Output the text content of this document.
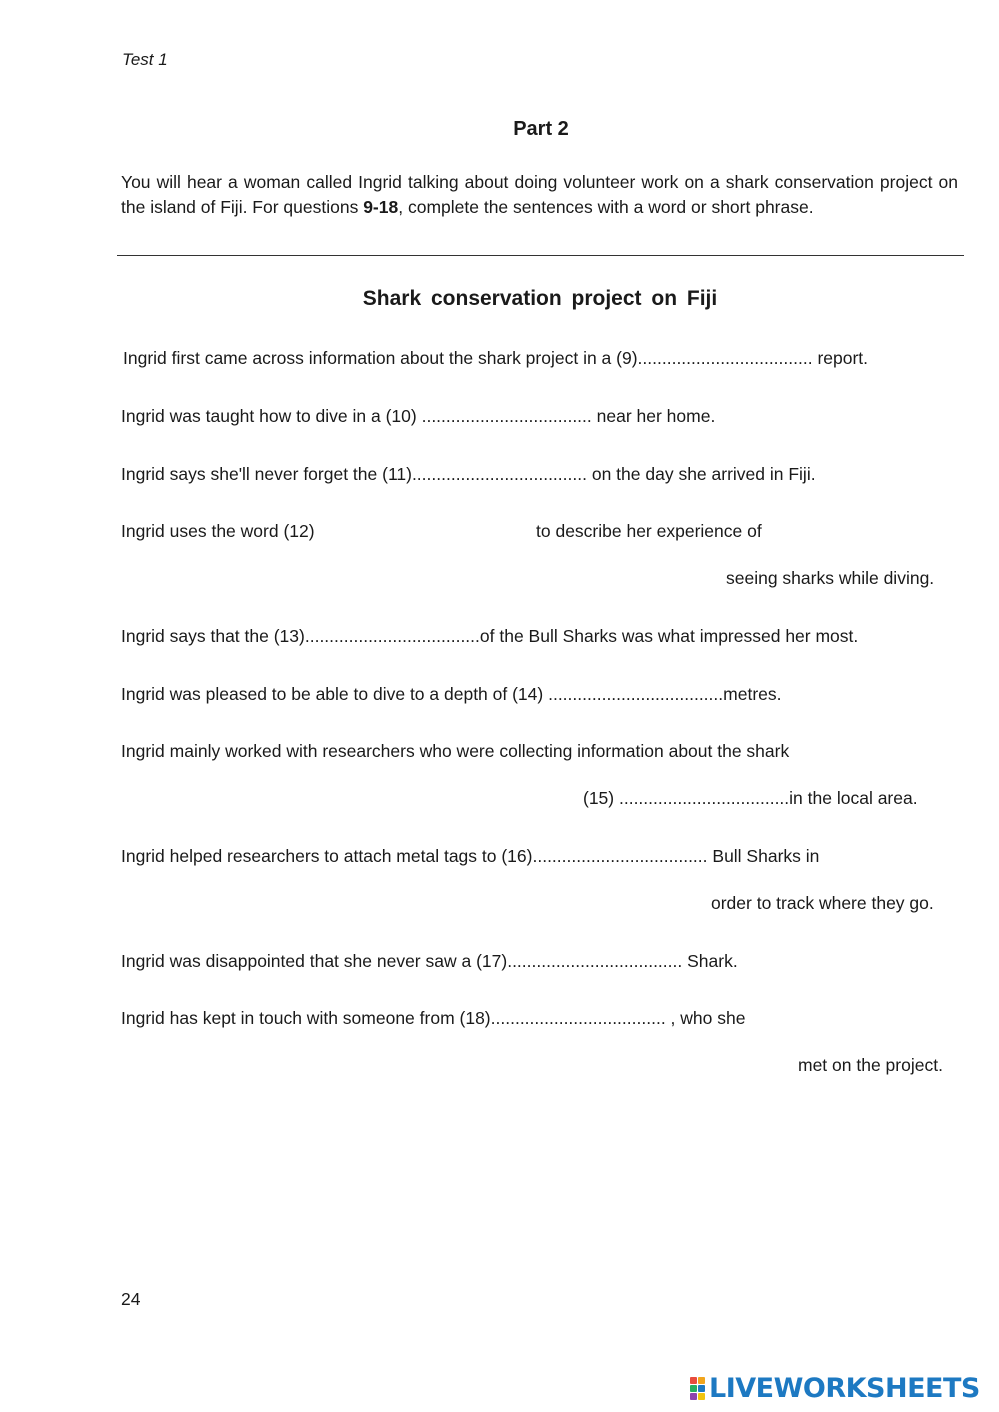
Test 1
Part 2
You will hear a woman called Ingrid talking about doing volunteer work on a shark conservation project on the island of Fiji. For questions 9-18, complete the sentences with a word or short phrase.
Shark conservation project on Fiji
Ingrid first came across information about the shark project in a (9).................................... report.
Ingrid was taught how to dive in a (10) ................................... near her home.
Ingrid says she'll never forget the (11).................................... on the day she arrived in Fiji.
Ingrid uses the word (12)	to describe her experience of
seeing sharks while diving.
Ingrid says that the (13)....................................of the Bull Sharks was what impressed her most.
Ingrid was pleased to be able to dive to a depth of (14) ....................................metres.
Ingrid mainly worked with researchers who were collecting information about the shark
(15) ...................................in the local area.
Ingrid helped researchers to attach metal tags to (16).................................... Bull Sharks in
order to track where they go.
Ingrid was disappointed that she never saw a (17).................................... Shark.
Ingrid has kept in touch with someone from (18).................................... , who she
met on the project.
24
LIVEWORKSHEETS
